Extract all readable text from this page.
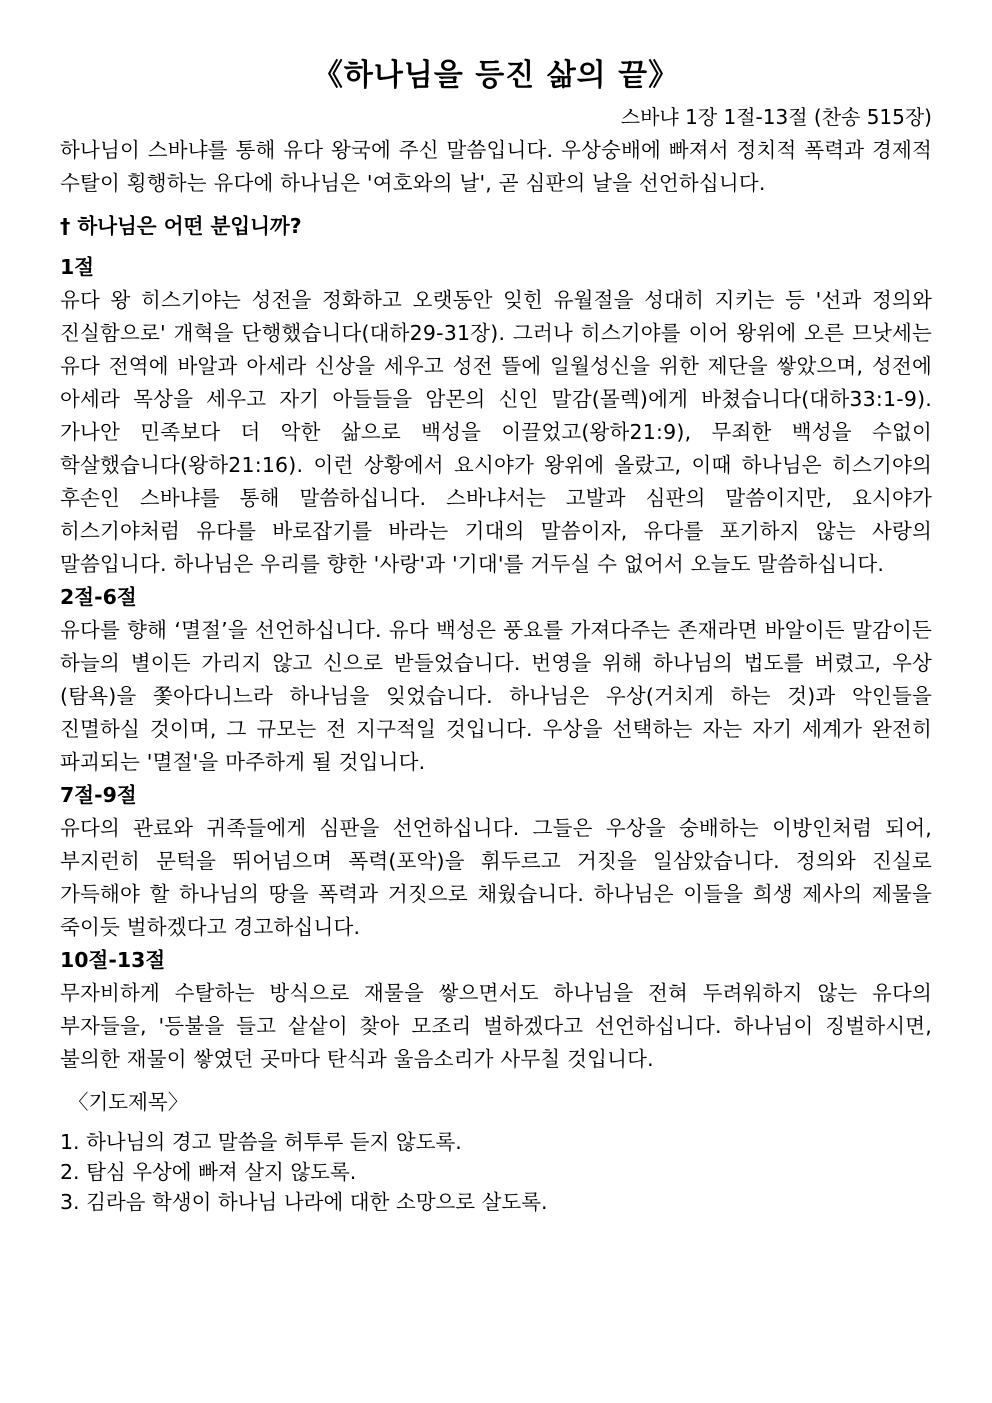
《하나님을 등진 삶의 끝》

스바냐 1장 1절-13절 (찬송 515장)

하나님이 스바냐를 통해 유다 왕국에 주신 말씀입니다. 우상숭배에 빠져서 정치적 폭력과 경제적 수탈이 횡행하는 유다에 하나님은 '여호와의 날', 곧 심판의 날을 선언하십니다.

† 하나님은 어떤 분입니까?

1절

유다 왕 히스기야는 성전을 정화하고 오랫동안 잊힌 유월절을 성대히 지키는 등 '선과 정의와 진실함으로' 개혁을 단행했습니다(대하29-31장). 그러나 히스기야를 이어 왕위에 오른 므낫세는 유다 전역에 바알과 아세라 신상을 세우고 성전 뜰에 일월성신을 위한 제단을 쌓았으며, 성전에 아세라 목상을 세우고 자기 아들들을 암몬의 신인 말감(몰렉)에게 바쳤습니다(대하33:1-9). 가나안 민족보다 더 악한 삶으로 백성을 이끌었고(왕하21:9), 무죄한 백성을 수없이 학살했습니다(왕하21:16). 이런 상황에서 요시야가 왕위에 올랐고, 이때 하나님은 히스기야의 후손인 스바냐를 통해 말씀하십니다. 스바냐서는 고발과 심판의 말씀이지만, 요시야가 히스기야처럼 유다를 바로잡기를 바라는 기대의 말씀이자, 유다를 포기하지 않는 사랑의 말씀입니다. 하나님은 우리를 향한 '사랑'과 '기대'를 거두실 수 없어서 오늘도 말씀하십니다.

2절-6절

유다를 향해 ‘멸절’을 선언하십니다. 유다 백성은 풍요를 가져다주는 존재라면 바알이든 말감이든 하늘의 별이든 가리지 않고 신으로 받들었습니다. 번영을 위해 하나님의 법도를 버렸고, 우상(탐욕)을 쫓아다니느라 하나님을 잊었습니다. 하나님은 우상(거치게 하는 것)과 악인들을 진멸하실 것이며, 그 규모는 전 지구적일 것입니다. 우상을 선택하는 자는 자기 세계가 완전히 파괴되는 '멸절'을 마주하게 될 것입니다.

7절-9절

유다의 관료와 귀족들에게 심판을 선언하십니다. 그들은 우상을 숭배하는 이방인처럼 되어, 부지런히 문턱을 뛰어넘으며 폭력(포악)을 휘두르고 거짓을 일삼았습니다. 정의와 진실로 가득해야 할 하나님의 땅을 폭력과 거짓으로 채웠습니다. 하나님은 이들을 희생 제사의 제물을 죽이듯 벌하겠다고 경고하십니다.

10절-13절

무자비하게 수탈하는 방식으로 재물을 쌓으면서도 하나님을 전혀 두려워하지 않는 유다의 부자들을, '등불을 들고 샅샅이 찾아 모조리 벌하겠다고 선언하십니다. 하나님이 징벌하시면, 불의한 재물이 쌓였던 곳마다 탄식과 울음소리가 사무칠 것입니다.

〈기도제목〉

1. 하나님의 경고 말씀을 허투루 듣지 않도록.
2. 탐심 우상에 빠져 살지 않도록.
3. 김라음 학생이 하나님 나라에 대한 소망으로 살도록.
